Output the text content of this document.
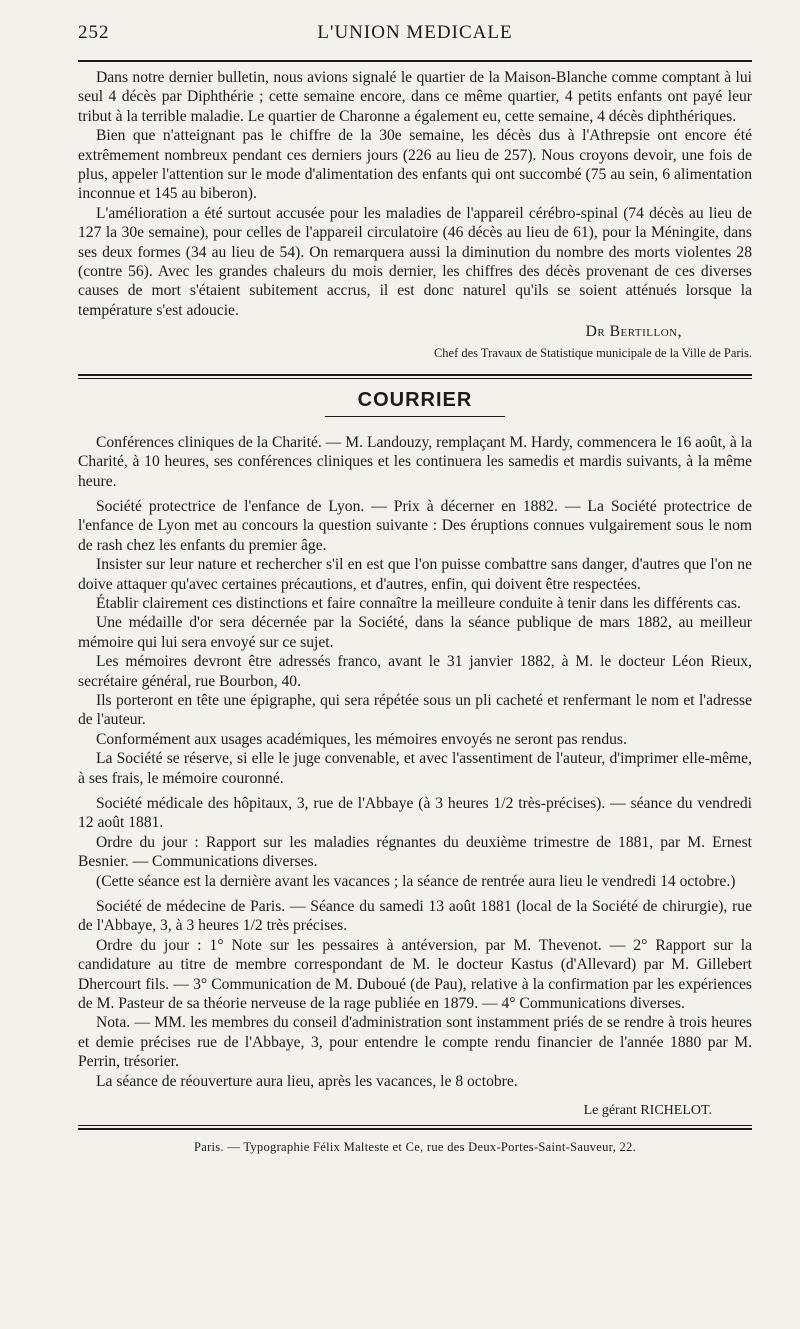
252	L'UNION MEDICALE

Dans notre dernier bulletin, nous avions signalé le quartier de la Maison-Blanche comme comptant à lui seul 4 décès par Diphthérie ; cette semaine encore, dans ce même quartier, 4 petits enfants ont payé leur tribut à la terrible maladie. Le quartier de Charonne a également eu, cette semaine, 4 décès diphthériques.

Bien que n'atteignant pas le chiffre de la 30e semaine, les décès dus à l'Athrepsie ont encore été extrêmement nombreux pendant ces derniers jours (226 au lieu de 257). Nous croyons devoir, une fois de plus, appeler l'attention sur le mode d'alimentation des enfants qui ont succombé (75 au sein, 6 alimentation inconnue et 145 au biberon).

L'amélioration a été surtout accusée pour les maladies de l'appareil cérébro-spinal (74 décès au lieu de 127 la 30e semaine), pour celles de l'appareil circulatoire (46 décès au lieu de 61), pour la Méningite, dans ses deux formes (34 au lieu de 54). On remarquera aussi la diminution du nombre des morts violentes 28 (contre 56). Avec les grandes chaleurs du mois dernier, les chiffres des décès provenant de ces diverses causes de mort s'étaient subitement accrus, il est donc naturel qu'ils se soient atténués lorsque la température s'est adoucie.

Dr Bertillon,
Chef des Travaux de Statistique municipale de la Ville de Paris.
COURRIER

Conférences cliniques de la Charité. — M. Landouzy, remplaçant M. Hardy, commencera le 16 août, à la Charité, à 10 heures, ses conférences cliniques et les continuera les samedis et mardis suivants, à la même heure.

Société protectrice de l'enfance de Lyon. — Prix à décerner en 1882. — La Société protectrice de l'enfance de Lyon met au concours la question suivante : Des éruptions connues vulgairement sous le nom de rash chez les enfants du premier âge.

Insister sur leur nature et rechercher s'il en est que l'on puisse combattre sans danger, d'autres que l'on ne doive attaquer qu'avec certaines précautions, et d'autres, enfin, qui doivent être respectées.

Établir clairement ces distinctions et faire connaître la meilleure conduite à tenir dans les différents cas.

Une médaille d'or sera décernée par la Société, dans la séance publique de mars 1882, au meilleur mémoire qui lui sera envoyé sur ce sujet.

Les mémoires devront être adressés franco, avant le 31 janvier 1882, à M. le docteur Léon Rieux, secrétaire général, rue Bourbon, 40.

Ils porteront en tête une épigraphe, qui sera répétée sous un pli cacheté et renfermant le nom et l'adresse de l'auteur.

Conformément aux usages académiques, les mémoires envoyés ne seront pas rendus.

La Société se réserve, si elle le juge convenable, et avec l'assentiment de l'auteur, d'imprimer elle-même, à ses frais, le mémoire couronné.

Société médicale des hôpitaux, 3, rue de l'Abbaye (à 3 heures 1/2 très-précises). — séance du vendredi 12 août 1881.

Ordre du jour : Rapport sur les maladies régnantes du deuxième trimestre de 1881, par M. Ernest Besnier. — Communications diverses.

(Cette séance est la dernière avant les vacances ; la séance de rentrée aura lieu le vendredi 14 octobre.)

Société de médecine de Paris. — Séance du samedi 13 août 1881 (local de la Société de chirurgie), rue de l'Abbaye, 3, à 3 heures 1/2 très précises.

Ordre du jour : 1° Note sur les pessaires à antéversion, par M. Thevenot. — 2° Rapport sur la candidature au titre de membre correspondant de M. le docteur Kastus (d'Allevard) par M. Gillebert Dhercourt fils. — 3° Communication de M. Duboué (de Pau), relative à la confirmation par les expériences de M. Pasteur de sa théorie nerveuse de la rage publiée en 1879. — 4° Communications diverses.

Nota. — MM. les membres du conseil d'administration sont instamment priés de se rendre à trois heures et demie précises rue de l'Abbaye, 3, pour entendre le compte rendu financier de l'année 1880 par M. Perrin, trésorier.

La séance de réouverture aura lieu, après les vacances, le 8 octobre.

Le gérant RICHELOT.
Paris. — Typographie Félix Malteste et Ce, rue des Deux-Portes-Saint-Sauveur, 22.
